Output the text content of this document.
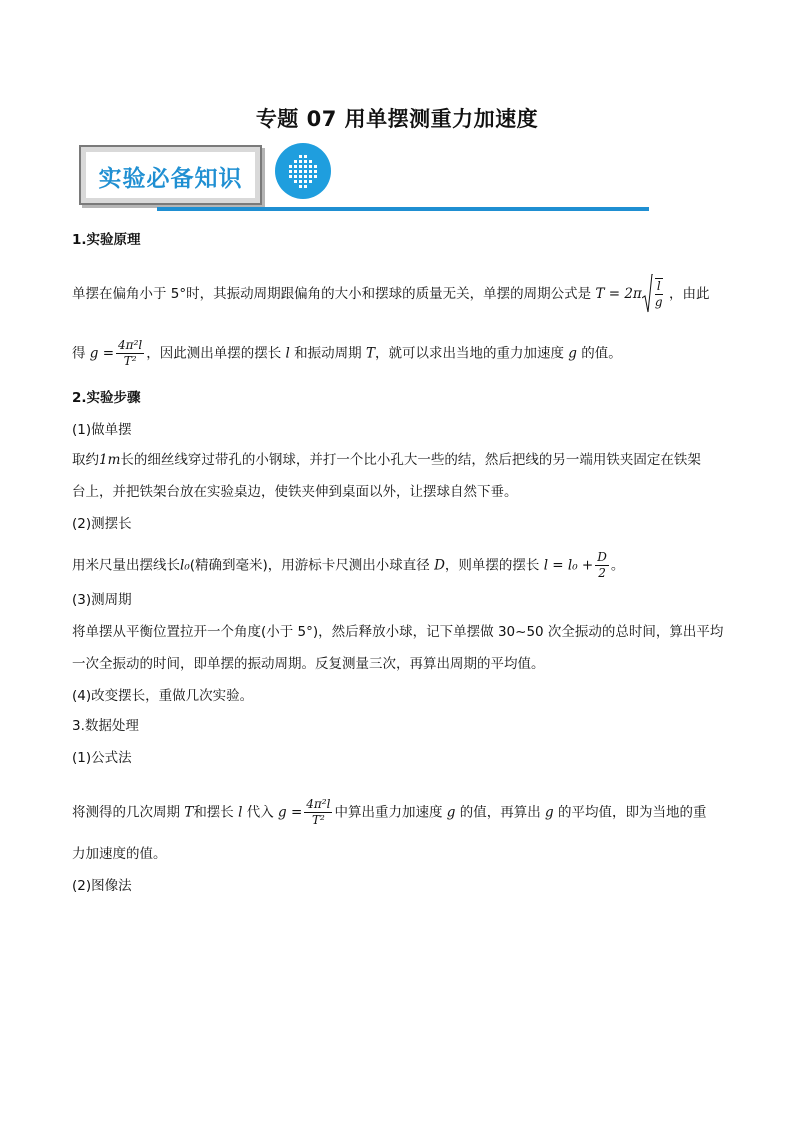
专题 07 用单摆测重力加速度
实验必备知识
1.实验原理
单摆在偏角小于 5°时，其振动周期跟偏角的大小和摆球的质量无关，单摆的周期公式是 $T = 2\pi \frac{l}{g}$ ，由此
得 $g = \frac{\text{4π²l}}{\text{T²}}$ ，因此测出单摆的摆长 l 和振动周期 T，就可以求出当地的重力加速度 g 的值。
2.实验步骤
(1)做单摆
取约1m长的细丝线穿过带孔的小钢球，并打一个比小孔大一些的结，然后把线的另一端用铁夹固定在铁架
台上，并把铁架台放在实验桌边，使铁夹伸到桌面以外，让摆球自然下垂。
(2)测摆长
用米尺量出摆线长l₀(精确到毫米)，用游标卡尺测出小球直径 D，则单摆的摆长 $l = l_0 + \frac{D}{2}$ 。
(3)测周期
将单摆从平衡位置拉开一个角度(小于 5°)，然后释放小球，记下单摆做 30~50 次全振动的总时间，算出平均
一次全振动的时间，即单摆的振动周期。反复测量三次，再算出周期的平均值。
(4)改变摆长，重做几次实验。
3.数据处理
(1)公式法
将测得的几次周期 T和摆长 l 代入 $g = \frac{\text{4π²l}}{\text{T²}}$ 中算出重力加速度 g 的值，再算出 g 的平均值，即为当地的重
力加速度的值。
(2)图像法
